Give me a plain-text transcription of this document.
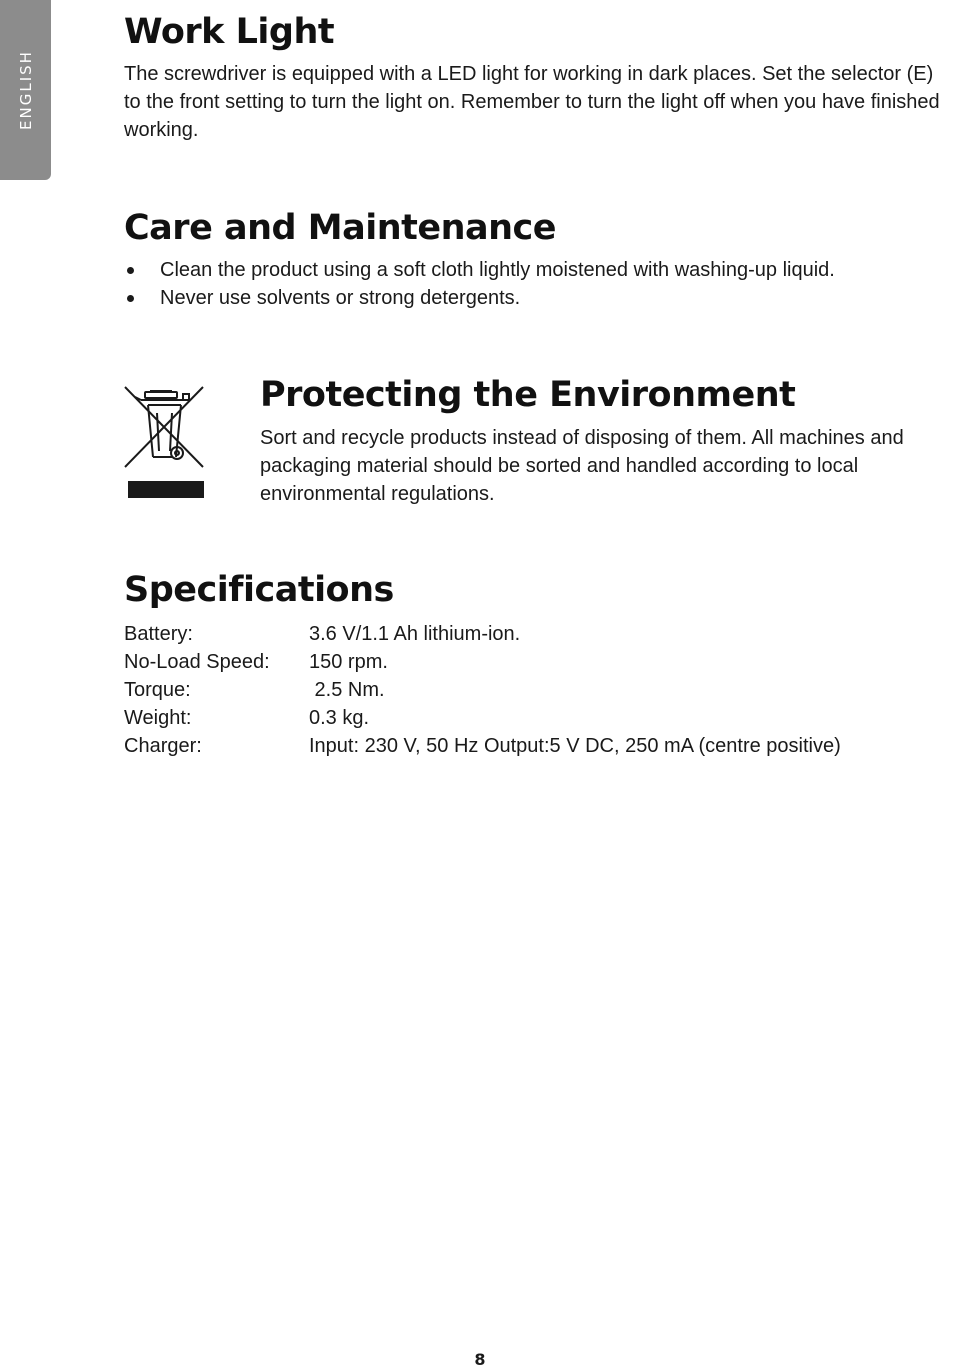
ENGLISH
Work Light

The screwdriver is equipped with a LED light for working in dark places. Set the selector (E) to the front setting to turn the light on. Remember to turn the light off when you have finished working.

Care and Maintenance
Clean the product using a soft cloth lightly moistened with washing-up liquid.
Never use solvents or strong detergents.
Protecting the Environment

Sort and recycle products instead of disposing of them. All machines and packaging material should be sorted and handled according to local environmental regulations.

Specifications
Battery:	3.6 V/1.1 Ah lithium-ion.
No-Load Speed:	150 rpm.
Torque:	2.5 Nm.
Weight:	0.3 kg.
Charger:	Input: 230 V, 50 Hz Output:5 V DC, 250 mA (centre positive)
8
